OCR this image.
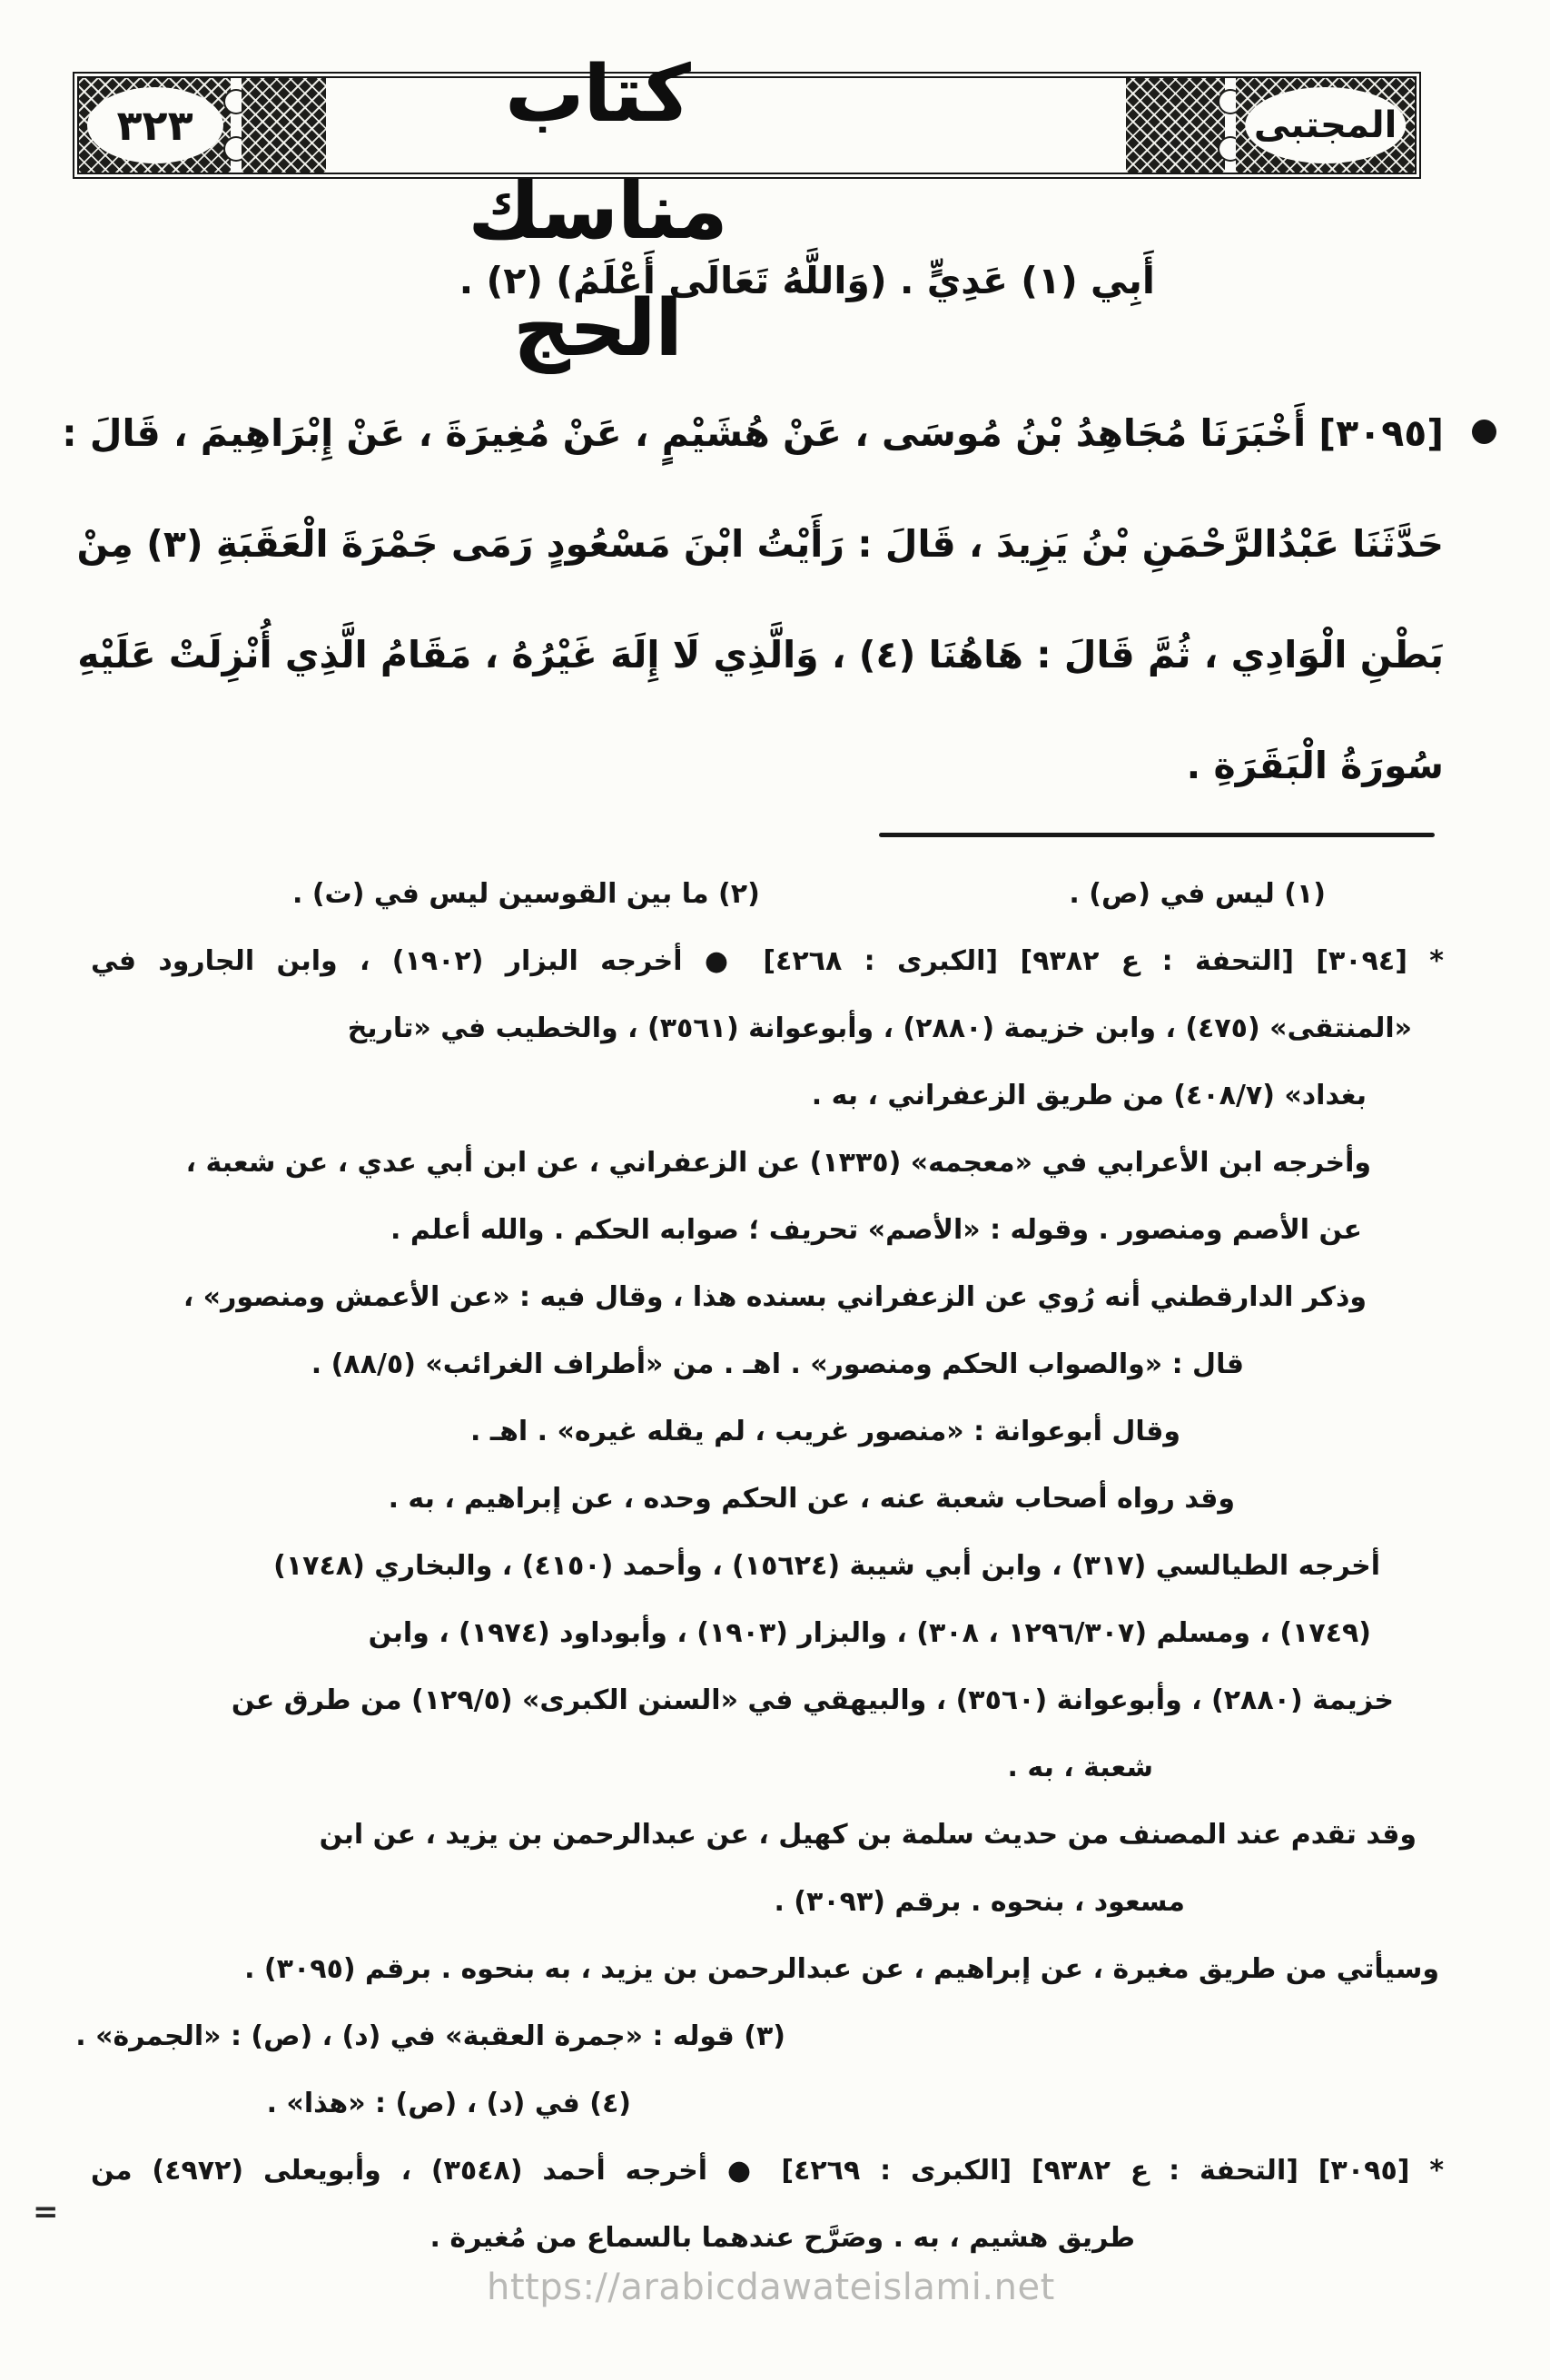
٣٢٣	المجتبى
كتاب مناسك الحج
أَبِي (١) عَدِيٍّ . (وَاللَّهُ تَعَالَى أَعْلَمُ) (٢) .
[٣٠٩٥] أَخْبَرَنَا مُجَاهِدُ بْنُ مُوسَى ، عَنْ هُشَيْمٍ ، عَنْ مُغِيرَةَ ، عَنْ إِبْرَاهِيمَ ، قَالَ :
حَدَّثَنَا عَبْدُالرَّحْمَنِ بْنُ يَزِيدَ ، قَالَ : رَأَيْتُ ابْنَ مَسْعُودٍ رَمَى جَمْرَةَ الْعَقَبَةِ (٣) مِنْ
بَطْنِ الْوَادِي ، ثُمَّ قَالَ : هَاهُنَا (٤) ، وَالَّذِي لَا إِلَهَ غَيْرُهُ ، مَقَامُ الَّذِي أُنْزِلَتْ عَلَيْهِ
سُورَةُ الْبَقَرَةِ .
(١) ليس في (ص) .
(٢) ما بين القوسين ليس في (ت) .
* [٣٠٩٤] [التحفة : ع ٩٣٨٢] [الكبرى : ٤٢٦٨] ● أخرجه البزار (١٩٠٢) ، وابن الجارود في
«المنتقى» (٤٧٥) ، وابن خزيمة (٢٨٨٠) ، وأبوعوانة (٣٥٦١) ، والخطيب في «تاريخ
بغداد» (٤٠٨/٧) من طريق الزعفراني ، به .
وأخرجه ابن الأعرابي في «معجمه» (١٣٣٥) عن الزعفراني ، عن ابن أبي عدي ، عن شعبة ،
عن الأصم ومنصور . وقوله : «الأصم» تحريف ؛ صوابه الحكم . والله أعلم .
وذكر الدارقطني أنه رُوي عن الزعفراني بسنده هذا ، وقال فيه : «عن الأعمش ومنصور» ،
قال : «والصواب الحكم ومنصور» . اهـ . من «أطراف الغرائب» (٨٨/٥) .
وقال أبوعوانة : «منصور غريب ، لم يقله غيره» . اهـ .
وقد رواه أصحاب شعبة عنه ، عن الحكم وحده ، عن إبراهيم ، به .
أخرجه الطيالسي (٣١٧) ، وابن أبي شيبة (١٥٦٢٤) ، وأحمد (٤١٥٠) ، والبخاري (١٧٤٨)
(١٧٤٩) ، ومسلم (١٢٩٦/٣٠٧ ، ٣٠٨) ، والبزار (١٩٠٣) ، وأبوداود (١٩٧٤) ، وابن
خزيمة (٢٨٨٠) ، وأبوعوانة (٣٥٦٠) ، والبيهقي في «السنن الكبرى» (١٢٩/٥) من طرق عن
شعبة ، به .
وقد تقدم عند المصنف من حديث سلمة بن كهيل ، عن عبدالرحمن بن يزيد ، عن ابن
مسعود ، بنحوه . برقم (٣٠٩٣) .
وسيأتي من طريق مغيرة ، عن إبراهيم ، عن عبدالرحمن بن يزيد ، به بنحوه . برقم (٣٠٩٥) .
(٣) قوله : «جمرة العقبة» في (د) ، (ص) : «الجمرة» .
(٤) في (د) ، (ص) : «هذا» .
* [٣٠٩٥] [التحفة : ع ٩٣٨٢] [الكبرى : ٤٢٦٩] ● أخرجه أحمد (٣٥٤٨) ، وأبويعلى (٤٩٧٢) من
طريق هشيم ، به . وصَرَّح عندهما بالسماع من مُغيرة .
=
https://arabicdawateislami.net
